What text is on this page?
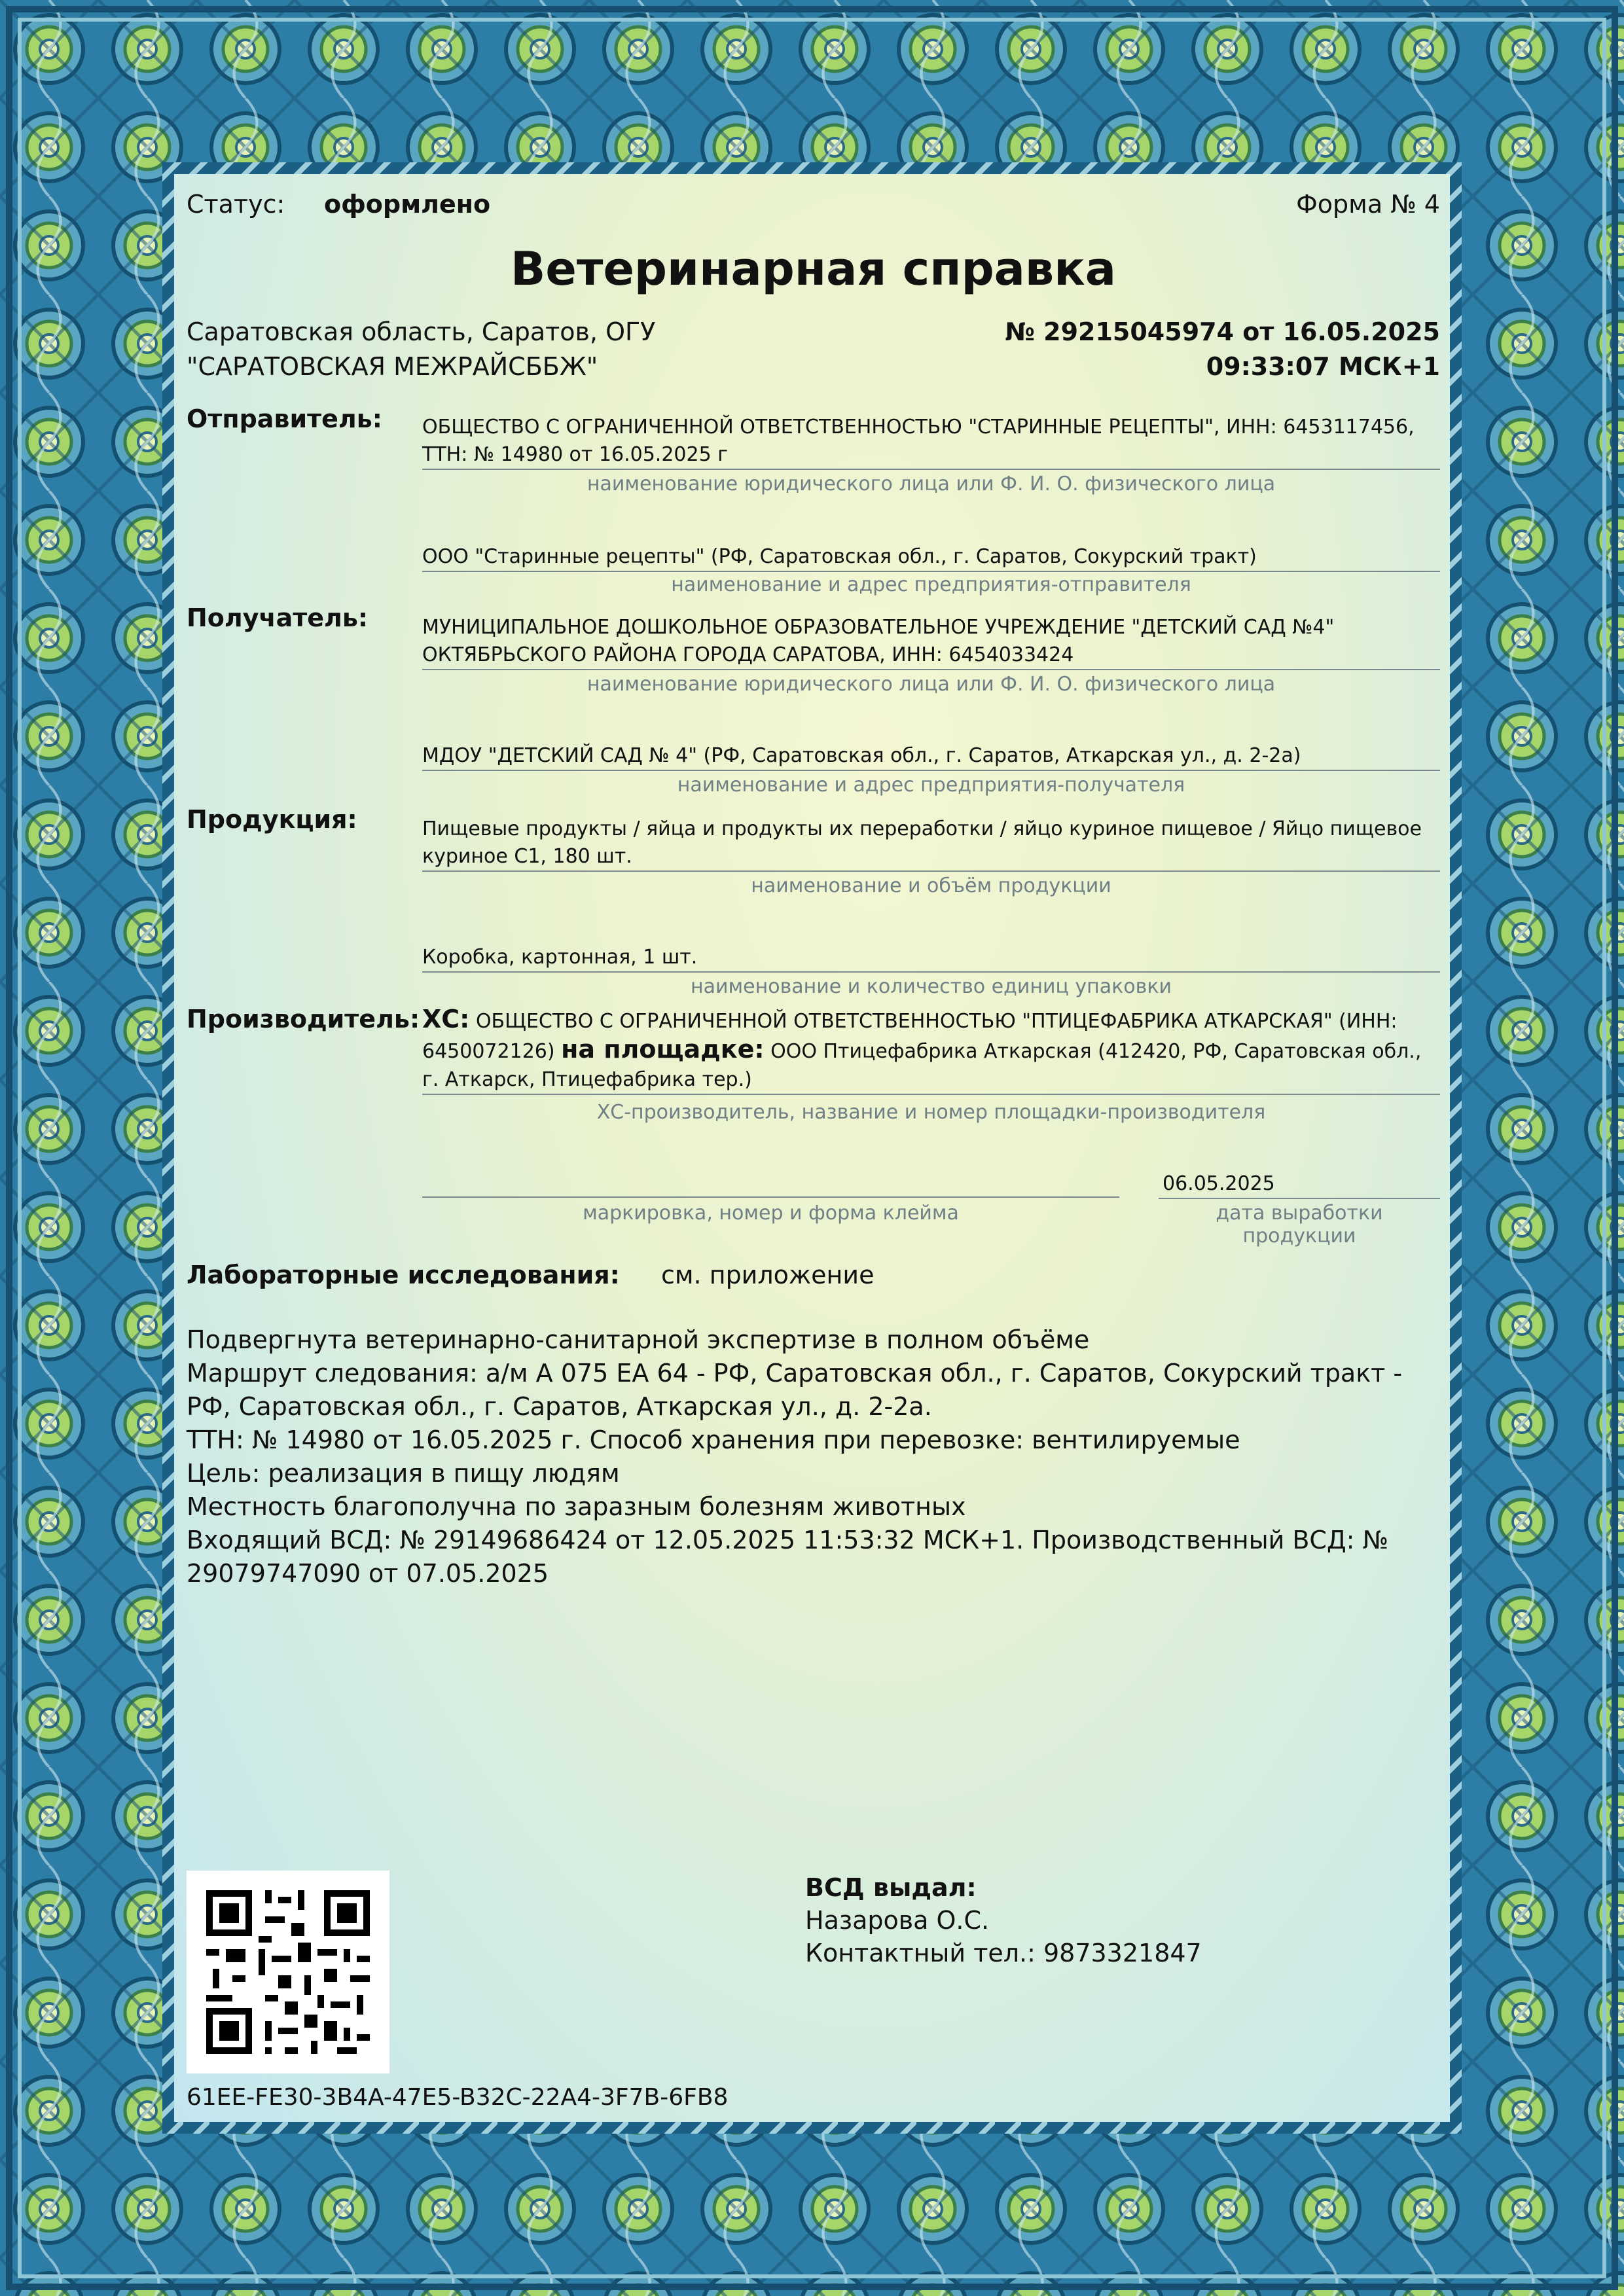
Статус: оформлено	Форма № 4
Ветеринарная справка
Саратовская область, Саратов, ОГУ
"САРАТОВСКАЯ МЕЖРАЙСББЖ"
№ 29215045974 от 16.05.2025
09:33:07 МСК+1
Отправитель: ОБЩЕСТВО С ОГРАНИЧЕННОЙ ОТВЕТСТВЕННОСТЬЮ "СТАРИННЫЕ РЕЦЕПТЫ", ИНН: 6453117456, ТТН: № 14980 от 16.05.2025 г
наименование юридического лица или Ф. И. О. физического лица
ООО "Старинные рецепты" (РФ, Саратовская обл., г. Саратов, Сокурский тракт)
наименование и адрес предприятия-отправителя
Получатель:	МУНИЦИПАЛЬНОЕ ДОШКОЛЬНОЕ ОБРАЗОВАТЕЛЬНОЕ УЧРЕЖДЕНИЕ "ДЕТСКИЙ САД №4" ОКТЯБРЬСКОГО РАЙОНА ГОРОДА САРАТОВА, ИНН: 6454033424
наименование юридического лица или Ф. И. О. физического лица
МДОУ "ДЕТСКИЙ САД № 4" (РФ, Саратовская обл., г. Саратов, Аткарская ул., д. 2-2а)
наименование и адрес предприятия-получателя
Продукция:	Пищевые продукты / яйца и продукты их переработки / яйцо куриное пищевое / Яйцо пищевое куриное С1, 180 шт.
наименование и объём продукции
Коробка, картонная, 1 шт.
наименование и количество единиц упаковки
Производитель: ХС: ОБЩЕСТВО С ОГРАНИЧЕННОЙ ОТВЕТСТВЕННОСТЬЮ "ПТИЦЕФАБРИКА АТКАРСКАЯ" (ИНН: 6450072126) на площадке: ООО Птицефабрика Аткарская (412420, РФ, Саратовская обл., г. Аткарск, Птицефабрика тер.)
ХС-производитель, название и номер площадки-производителя
маркировка, номер и форма клейма
06.05.2025
дата выработки продукции
Лабораторные исследования: см. приложение
Подвергнута ветеринарно-санитарной экспертизе в полном объёме
Маршрут следования: а/м А 075 ЕА 64 - РФ, Саратовская обл., г. Саратов, Сокурский тракт - РФ, Саратовская обл., г. Саратов, Аткарская ул., д. 2-2а.
ТТН: № 14980 от 16.05.2025 г. Способ хранения при перевозке: вентилируемые
Цель: реализация в пищу людям
Местность благополучна по заразным болезням животных
Входящий ВСД: № 29149686424 от 12.05.2025 11:53:32 МСК+1. Производственный ВСД: № 29079747090 от 07.05.2025
61EE-FE30-3B4A-47E5-B32C-22A4-3F7B-6FB8
ВСД выдал:
Назарова О.С.
Контактный тел.: 9873321847
